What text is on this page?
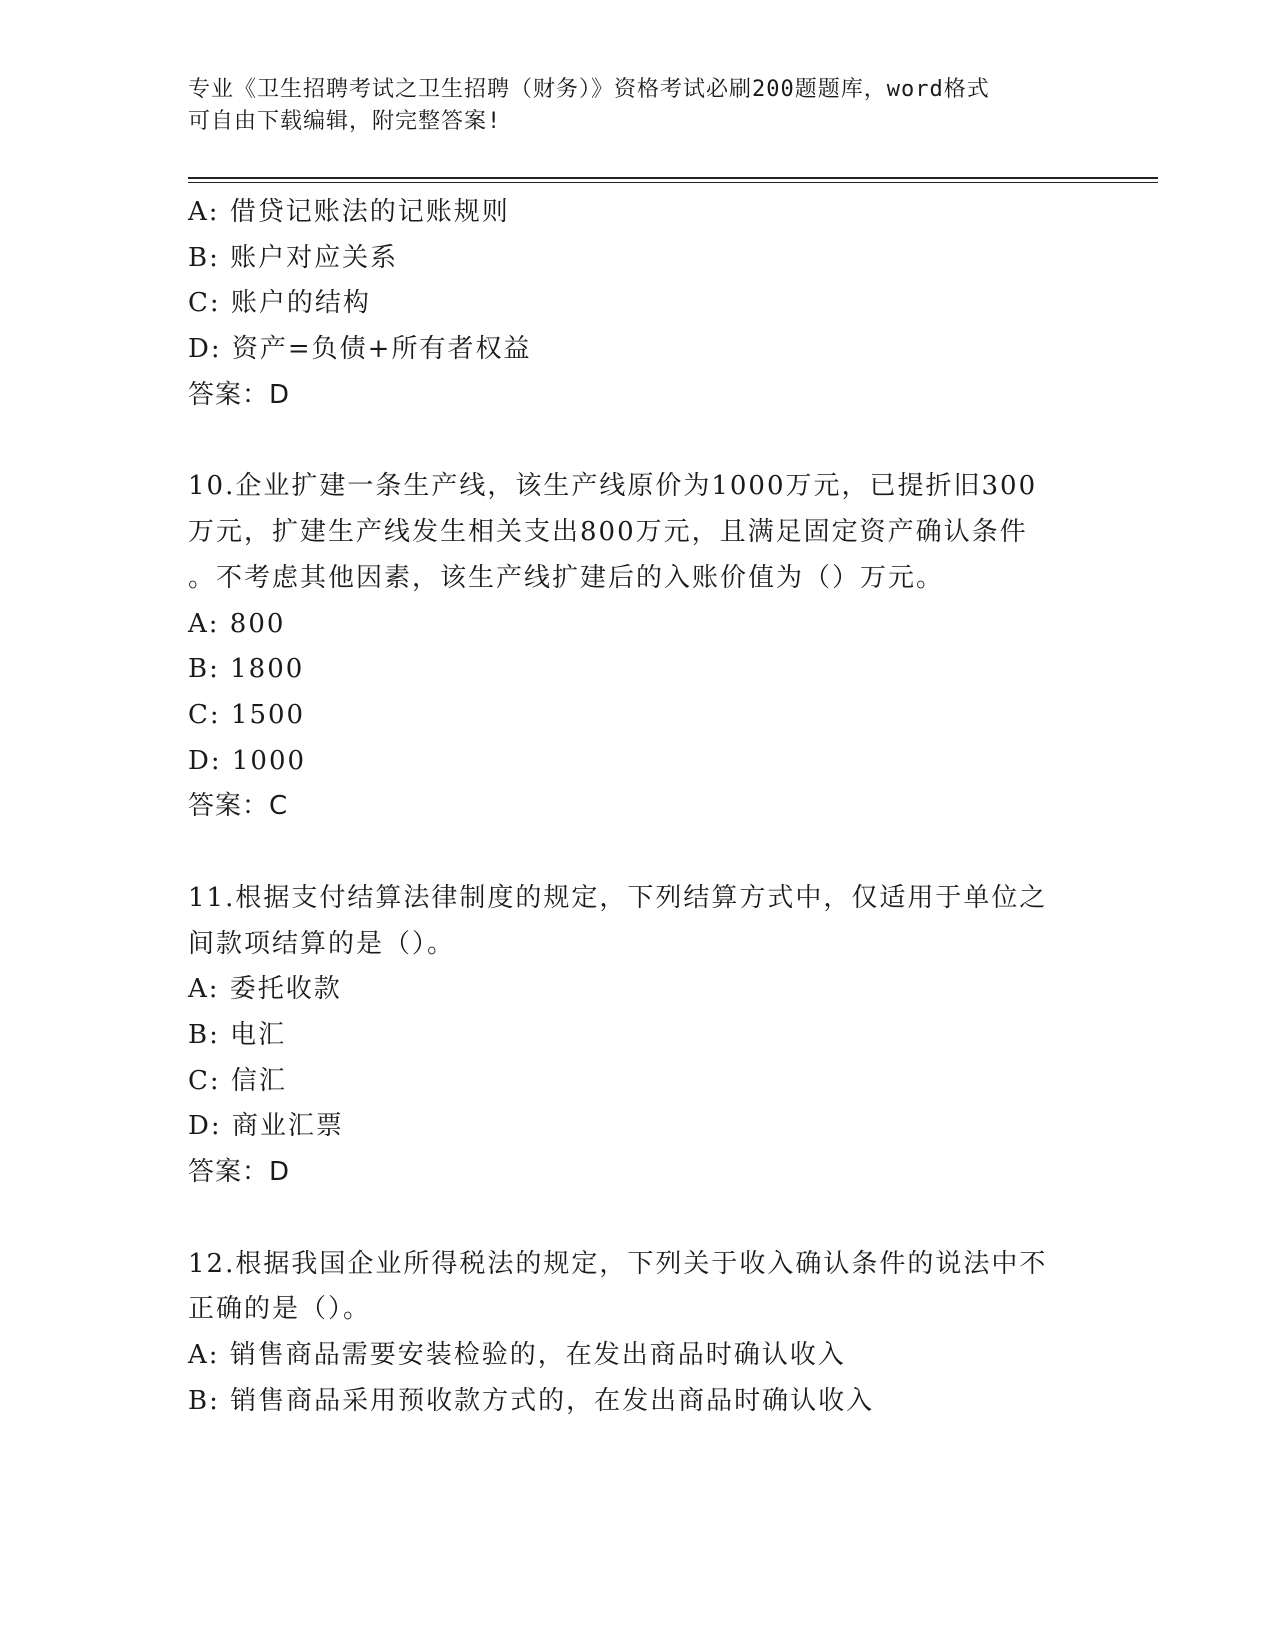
专业《卫生招聘考试之卫生招聘（财务）》资格考试必刷200题题库，word格式
可自由下载编辑，附完整答案!
A: 借贷记账法的记账规则
B: 账户对应关系
C: 账户的结构
D: 资产=负债+所有者权益
答案：D
10.企业扩建一条生产线，该生产线原价为1000万元，已提折旧300
万元，扩建生产线发生相关支出800万元，且满足固定资产确认条件
。不考虑其他因素，该生产线扩建后的入账价值为（）万元。
A: 800
B: 1800
C: 1500
D: 1000
答案：C
11.根据支付结算法律制度的规定，下列结算方式中，仅适用于单位之
间款项结算的是（）。
A: 委托收款
B: 电汇
C: 信汇
D: 商业汇票
答案：D
12.根据我国企业所得税法的规定，下列关于收入确认条件的说法中不
正确的是（）。
A: 销售商品需要安装检验的，在发出商品时确认收入
B: 销售商品采用预收款方式的，在发出商品时确认收入
